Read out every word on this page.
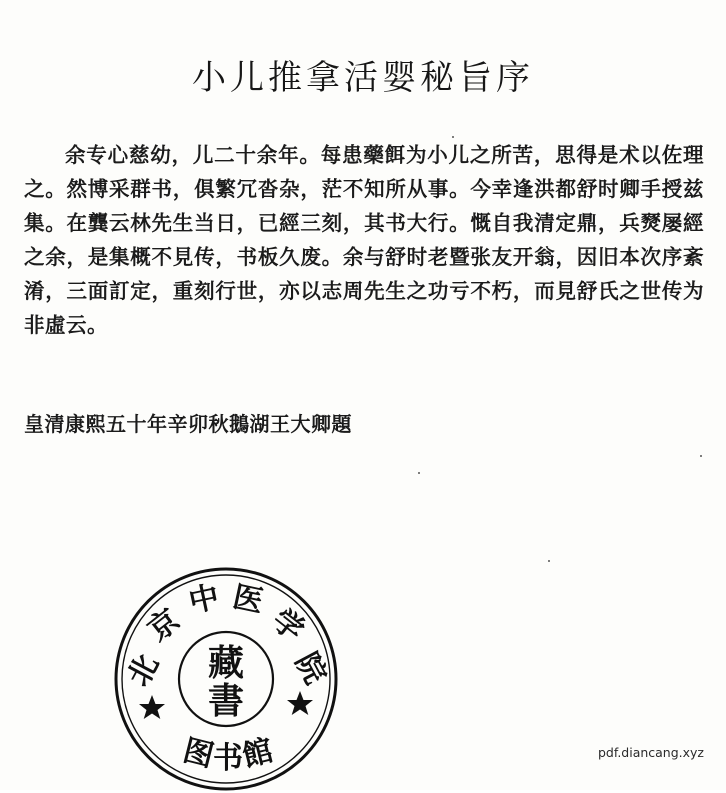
小儿推拿活婴秘旨序

余专心慈幼，儿二十余年。每患藥餌为小儿之所苦，思得是术以佐理之。然博采群书，俱繁冗沓杂，茫不知所从事。今幸逢洪都舒时卿手授兹集。在龔云林先生当日，已經三刻，其书大行。慨自我清定鼎，兵燹屡經之余，是集概不見传，书板久废。余与舒时老暨张友开翁，因旧本次序紊淆，三面訂定，重刻行世，亦以志周先生之功亏不朽，而見舒氏之世传为非虛云。

皇清康熙五十年辛卯秋鵝湖王大卿題
北
京
中 医
学
院
图
书
館
藏
書
pdf.diancang.xyz
